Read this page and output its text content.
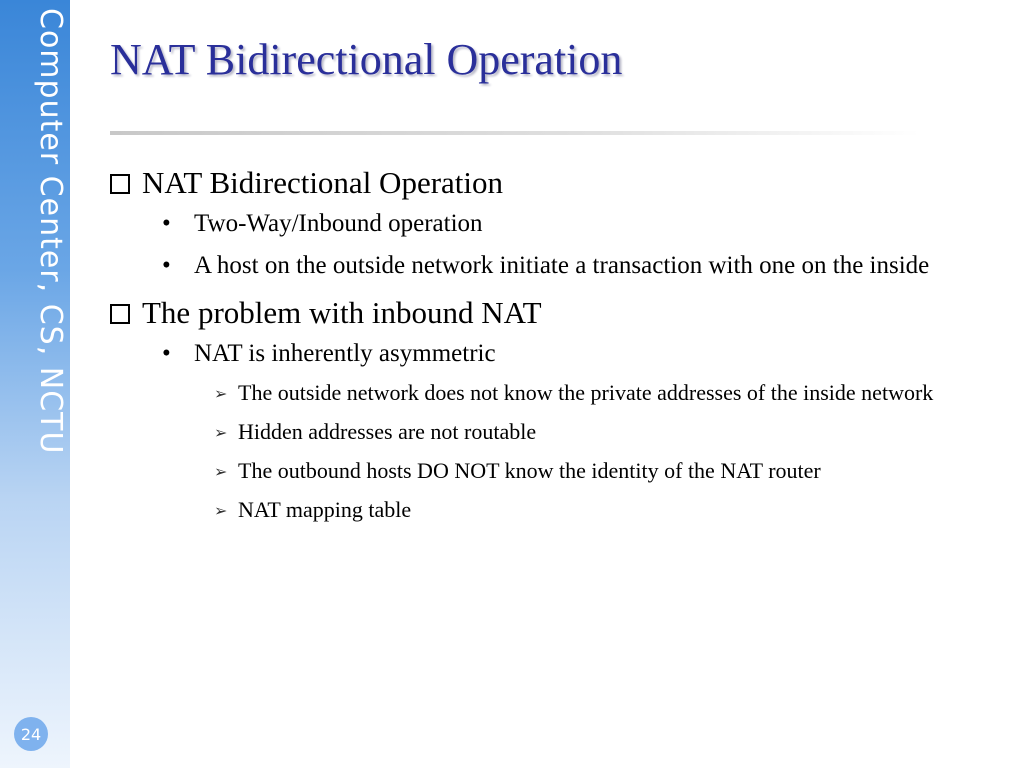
Computer Center, CS, NCTU
24
NAT Bidirectional Operation
NAT Bidirectional Operation
• Two-Way/Inbound operation
• A host on the outside network initiate a transaction with one on the inside
The problem with inbound NAT
• NAT is inherently asymmetric
➢ The outside network does not know the private addresses of the inside network
➢ Hidden addresses are not routable
➢ The outbound hosts DO NOT know the identity of the NAT router
➢ NAT mapping table
